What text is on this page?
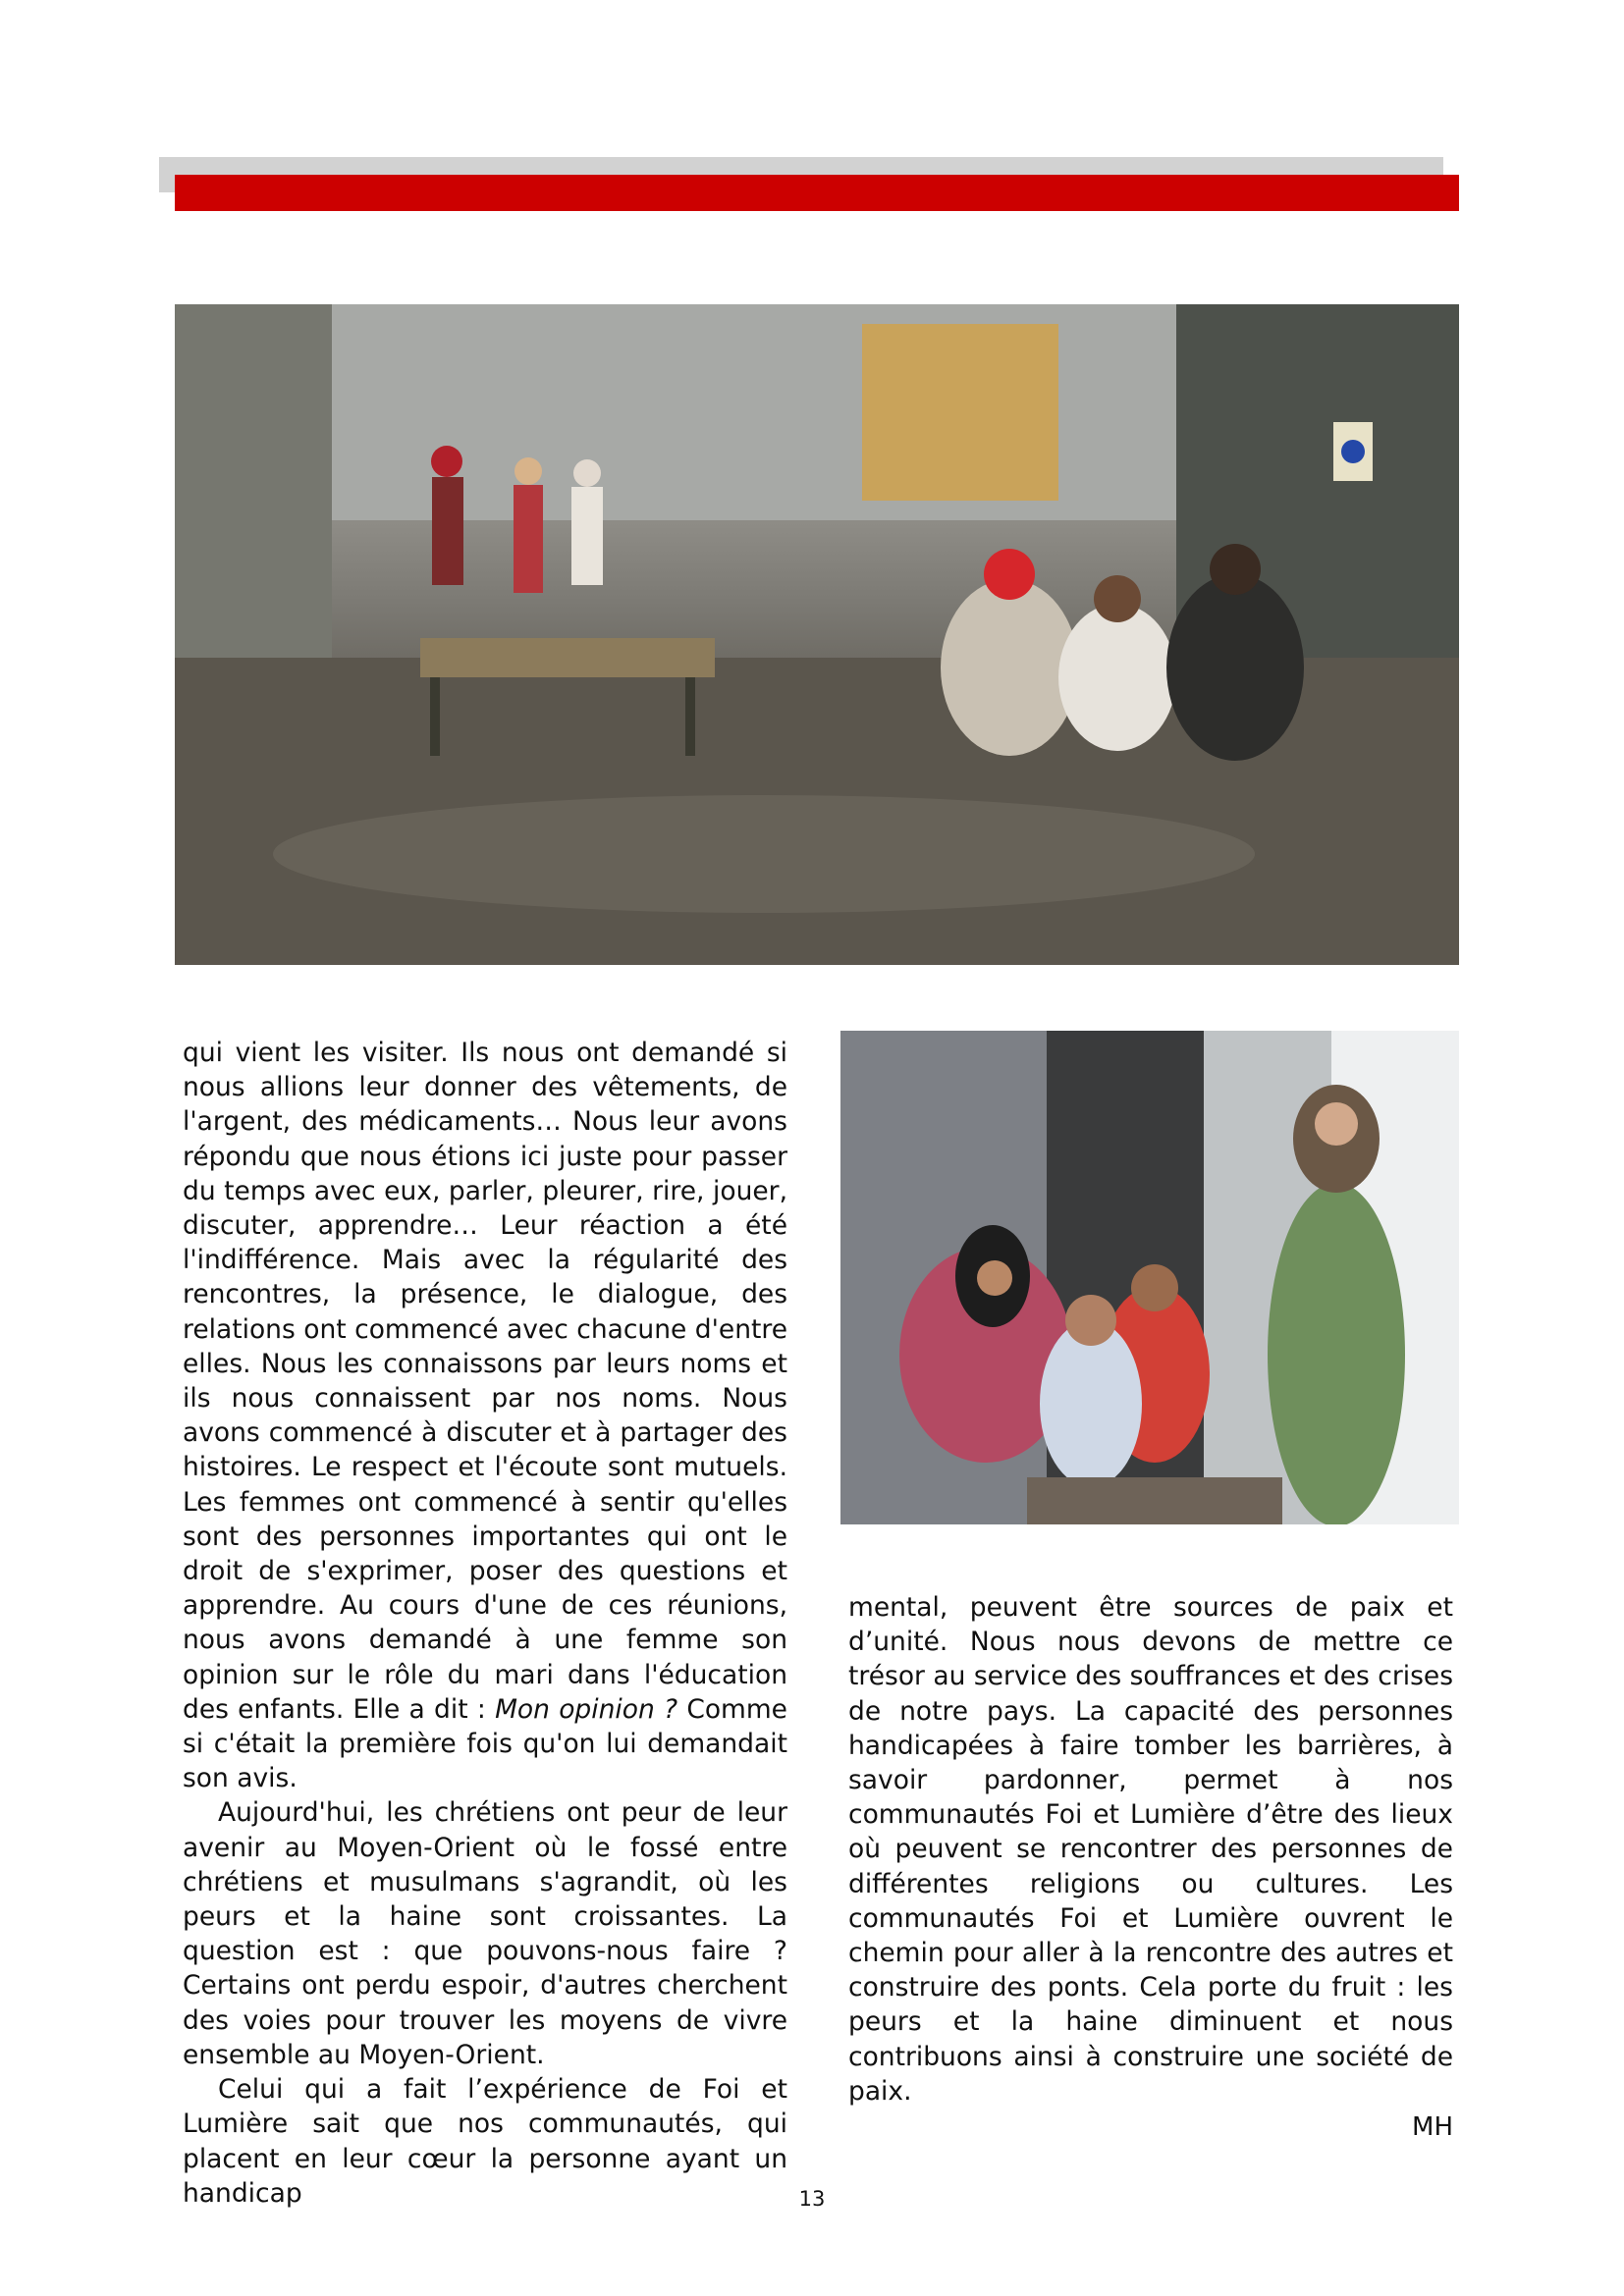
qui vient les visiter. Ils nous ont demandé si nous allions leur donner des vêtements, de l'argent, des médicaments… Nous leur avons répondu que nous étions ici juste pour passer du temps avec eux, parler, pleurer, rire, jouer, discuter, apprendre… Leur réaction a été l'indifférence. Mais avec la régularité des rencontres, la présence, le dialogue, des relations ont commencé avec chacune d'entre elles. Nous les connaissons par leurs noms et ils nous connaissent par nos noms. Nous avons commencé à discuter et à partager des histoires. Le respect et l'écoute sont mutuels. Les femmes ont commencé à sentir qu'elles sont des personnes importantes qui ont le droit de s'exprimer, poser des questions et apprendre. Au cours d'une de ces réunions, nous avons demandé à une femme son opinion sur le rôle du mari dans l'éducation des enfants. Elle a dit : Mon opinion ? Comme si c'était la première fois qu'on lui demandait son avis.

Aujourd'hui, les chrétiens ont peur de leur avenir au Moyen-Orient où le fossé entre chrétiens et musulmans s'agrandit, où les peurs et la haine sont croissantes. La question est : que pouvons-nous faire ? Certains ont perdu espoir, d'autres cherchent des voies pour trouver les moyens de vivre ensemble au Moyen-Orient.

Celui qui a fait l’expérience de Foi et Lumière sait que nos communautés, qui placent en leur cœur la personne ayant un handicap

mental, peuvent être sources de paix et d’unité. Nous nous devons de mettre ce trésor au service des souffrances et des crises de notre pays. La capacité des personnes handicapées à faire tomber les barrières, à savoir pardonner, permet à nos communautés Foi et Lumière d’être des lieux où peuvent se rencontrer des personnes de différentes religions ou cultures. Les communautés Foi et Lumière ouvrent le chemin pour aller à la rencontre des autres et construire des ponts. Cela porte du fruit : les peurs et la haine diminuent et nous contribuons ainsi à construire une société de paix.

MH
13
